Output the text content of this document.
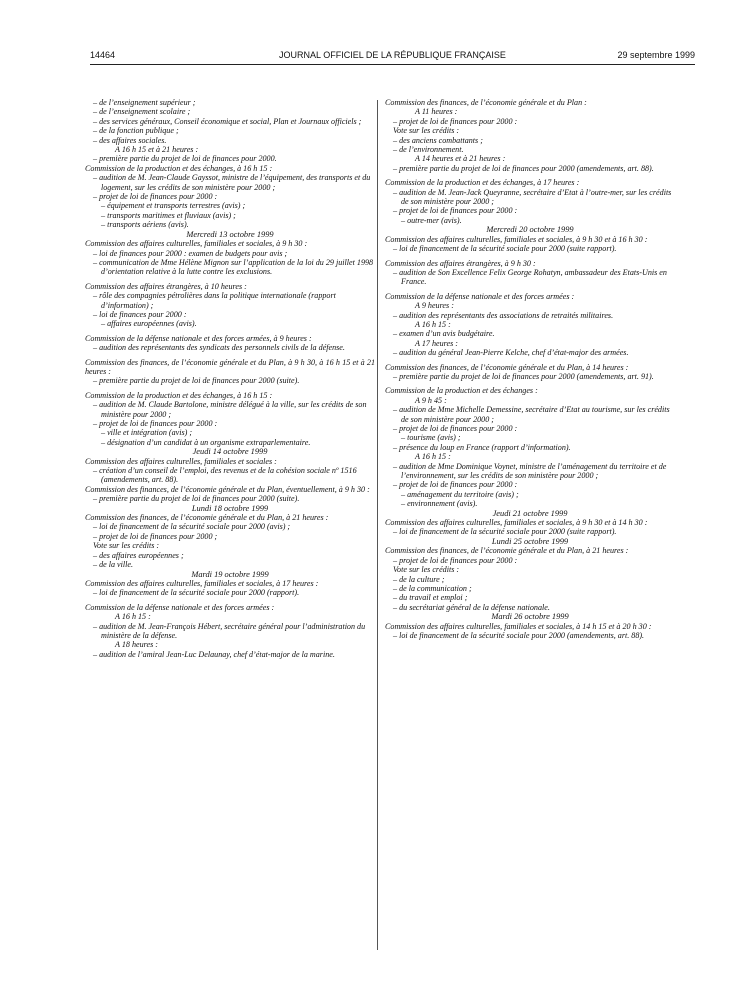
14464	JOURNAL OFFICIEL DE LA RÉPUBLIQUE FRANÇAISE	29 septembre 1999

– de l’enseignement supérieur ;

– de l’enseignement scolaire ;

– des services généraux, Conseil économique et social, Plan et Journaux officiels ;

– de la fonction publique ;

– des affaires sociales.

A 16 h 15 et à 21 heures :

– première partie du projet de loi de finances pour 2000.

Commission de la production et des échanges, à 16 h 15 :

– audition de M. Jean-Claude Gayssot, ministre de l’équipement, des transports et du logement, sur les crédits de son ministère pour 2000 ;

– projet de loi de finances pour 2000 :

– équipement et transports terrestres (avis) ;

– transports maritimes et fluviaux (avis) ;

– transports aériens (avis).

Mercredi 13 octobre 1999

Commission des affaires culturelles, familiales et sociales, à 9 h 30 :

– loi de finances pour 2000 : examen de budgets pour avis ;

– communication de Mme Hélène Mignon sur l’application de la loi du 29 juillet 1998 d’orientation relative à la lutte contre les exclusions.

Commission des affaires étrangères, à 10 heures :

– rôle des compagnies pétrolières dans la politique internationale (rapport d’information) ;

– loi de finances pour 2000 :

– affaires européennes (avis).

Commission de la défense nationale et des forces armées, à 9 heures :

– audition des représentants des syndicats des personnels civils de la défense.

Commission des finances, de l’économie générale et du Plan, à 9 h 30, à 16 h 15 et à 21 heures :

– première partie du projet de loi de finances pour 2000 (suite).

Commission de la production et des échanges, à 16 h 15 :

– audition de M. Claude Bartolone, ministre délégué à la ville, sur les crédits de son ministère pour 2000 ;

– projet de loi de finances pour 2000 :

– ville et intégration (avis) ;

– désignation d’un candidat à un organisme extraparlementaire.

Jeudi 14 octobre 1999

Commission des affaires culturelles, familiales et sociales :

– création d’un conseil de l’emploi, des revenus et de la cohésion sociale nº 1516 (amendements, art. 88).

Commission des finances, de l’économie générale et du Plan, éventuellement, à 9 h 30 :

– première partie du projet de loi de finances pour 2000 (suite).

Lundi 18 octobre 1999

Commission des finances, de l’économie générale et du Plan, à 21 heures :

– loi de financement de la sécurité sociale pour 2000 (avis) ;

– projet de loi de finances pour 2000 ;

Vote sur les crédits :

– des affaires européennes ;

– de la ville.

Mardi 19 octobre 1999

Commission des affaires culturelles, familiales et sociales, à 17 heures :

– loi de financement de la sécurité sociale pour 2000 (rapport).

Commission de la défense nationale et des forces armées :

A 16 h 15 :

– audition de M. Jean-François Hébert, secrétaire général pour l’administration du ministère de la défense.

A 18 heures :

– audition de l’amiral Jean-Luc Delaunay, chef d’état-major de la marine.

Commission des finances, de l’économie générale et du Plan :

A 11 heures :

– projet de loi de finances pour 2000 :

Vote sur les crédits :

– des anciens combattants ;

– de l’environnement.

A 14 heures et à 21 heures :

– première partie du projet de loi de finances pour 2000 (amendements, art. 88).

Commission de la production et des échanges, à 17 heures :

– audition de M. Jean-Jack Queyranne, secrétaire d’Etat à l’outre-mer, sur les crédits de son ministère pour 2000 ;

– projet de loi de finances pour 2000 :

– outre-mer (avis).

Mercredi 20 octobre 1999

Commission des affaires culturelles, familiales et sociales, à 9 h 30 et à 16 h 30 :

– loi de financement de la sécurité sociale pour 2000 (suite rapport).

Commission des affaires étrangères, à 9 h 30 :

– audition de Son Excellence Felix George Rohatyn, ambassadeur des Etats-Unis en France.

Commission de la défense nationale et des forces armées :

A 9 heures :

– audition des représentants des associations de retraités militaires.

A 16 h 15 :

– examen d’un avis budgétaire.

A 17 heures :

– audition du général Jean-Pierre Kelche, chef d’état-major des armées.

Commission des finances, de l’économie générale et du Plan, à 14 heures :

– première partie du projet de loi de finances pour 2000 (amendements, art. 91).

Commission de la production et des échanges :

A 9 h 45 :

– audition de Mme Michelle Demessine, secrétaire d’Etat au tourisme, sur les crédits de son ministère pour 2000 ;

– projet de loi de finances pour 2000 :

– tourisme (avis) ;

– présence du loup en France (rapport d’information).

A 16 h 15 :

– audition de Mme Dominique Voynet, ministre de l’aménagement du territoire et de l’environnement, sur les crédits de son ministère pour 2000 ;

– projet de loi de finances pour 2000 :

– aménagement du territoire (avis) ;

– environnement (avis).

Jeudi 21 octobre 1999

Commission des affaires culturelles, familiales et sociales, à 9 h 30 et à 14 h 30 :

– loi de financement de la sécurité sociale pour 2000 (suite rapport).

Lundi 25 octobre 1999

Commission des finances, de l’économie générale et du Plan, à 21 heures :

– projet de loi de finances pour 2000 :

Vote sur les crédits :

– de la culture ;

– de la communication ;

– du travail et emploi ;

– du secrétariat général de la défense nationale.

Mardi 26 octobre 1999

Commission des affaires culturelles, familiales et sociales, à 14 h 15 et à 20 h 30 :

– loi de financement de la sécurité sociale pour 2000 (amendements, art. 88).
